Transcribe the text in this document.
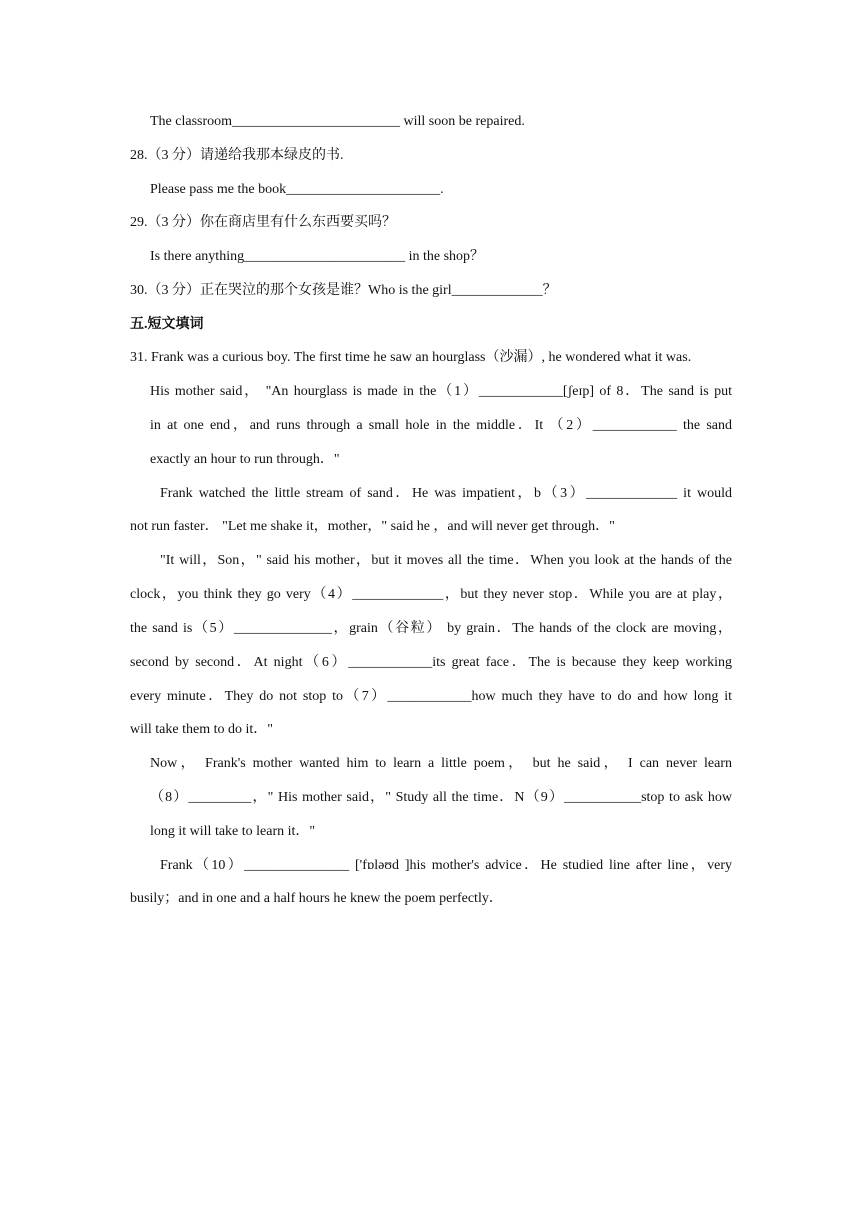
The classroom________________________ will soon be repaired.
28.（3 分）请递给我那本绿皮的书.
Please pass me the book______________________.
29.（3 分）你在商店里有什么东西要买吗？
Is there anything_______________________ in the shop？
30.（3 分）正在哭泣的那个女孩是谁？Who is the girl_____________？
五.短文填词
31. Frank was a curious boy. The first time he saw an hourglass（沙漏）, he wondered what it was.
His mother said， "An hourglass is made in the（1）____________[ʃeɪp] of 8．The sand is put
in at one end，and runs through a small hole in the middle．It （2）____________ the sand
exactly an hour to run through．"
Frank watched the little stream of sand．He was impatient，b（3）_____________ it would
not run faster． "Let me shake it，mother，" said he ，and will never get through．"
"It will，Son，" said his mother，but it moves all the time．When you look at the hands of the
clock，you think they go very（4）_____________，but they never stop．While you are at play，
the sand is（5）______________，grain（谷粒） by grain．The hands of the clock are moving，
second by second．At night（6）____________its great face．The is because they keep working
every minute．They do not stop to（7）____________how much they have to do and how long it
will take them to do it．"
Now， Frank's mother wanted him to learn a little poem， but he said， I can never learn
（8）_________，" His mother said，" Study all the time．N（9）___________stop to ask how
long it will take to learn it．"
Frank（10）_______________ ['fɒləʊd ]his mother's advice．He studied line after line，very
busily；and in one and a half hours he knew the poem perfectly．
